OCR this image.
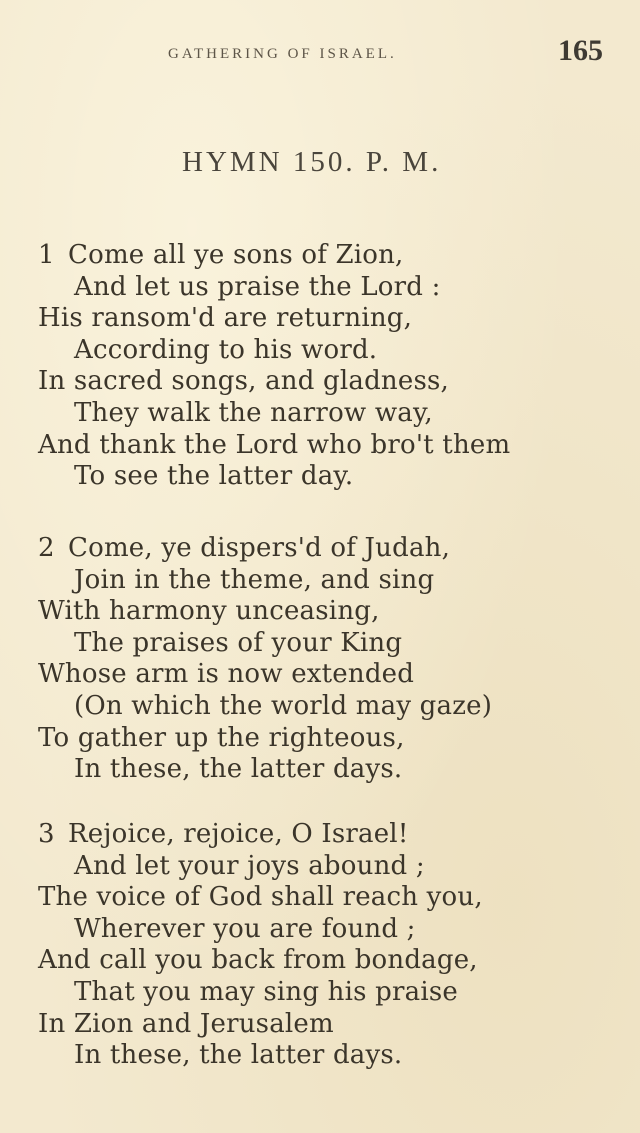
GATHERING OF ISRAEL.	165
HYMN 150. P. M.
1 Come all ye sons of Zion,
And let us praise the Lord :
His ransom'd are returning,
According to his word.
In sacred songs, and gladness,
They walk the narrow way,
And thank the Lord who bro't them
To see the latter day.
2 Come, ye dispers'd of Judah,
Join in the theme, and sing
With harmony unceasing,
The praises of your King
Whose arm is now extended
(On which the world may gaze)
To gather up the righteous,
In these, the latter days.
3 Rejoice, rejoice, O Israel!
And let your joys abound ;
The voice of God shall reach you,
Wherever you are found ;
And call you back from bondage,
That you may sing his praise
In Zion and Jerusalem
In these, the latter days.
